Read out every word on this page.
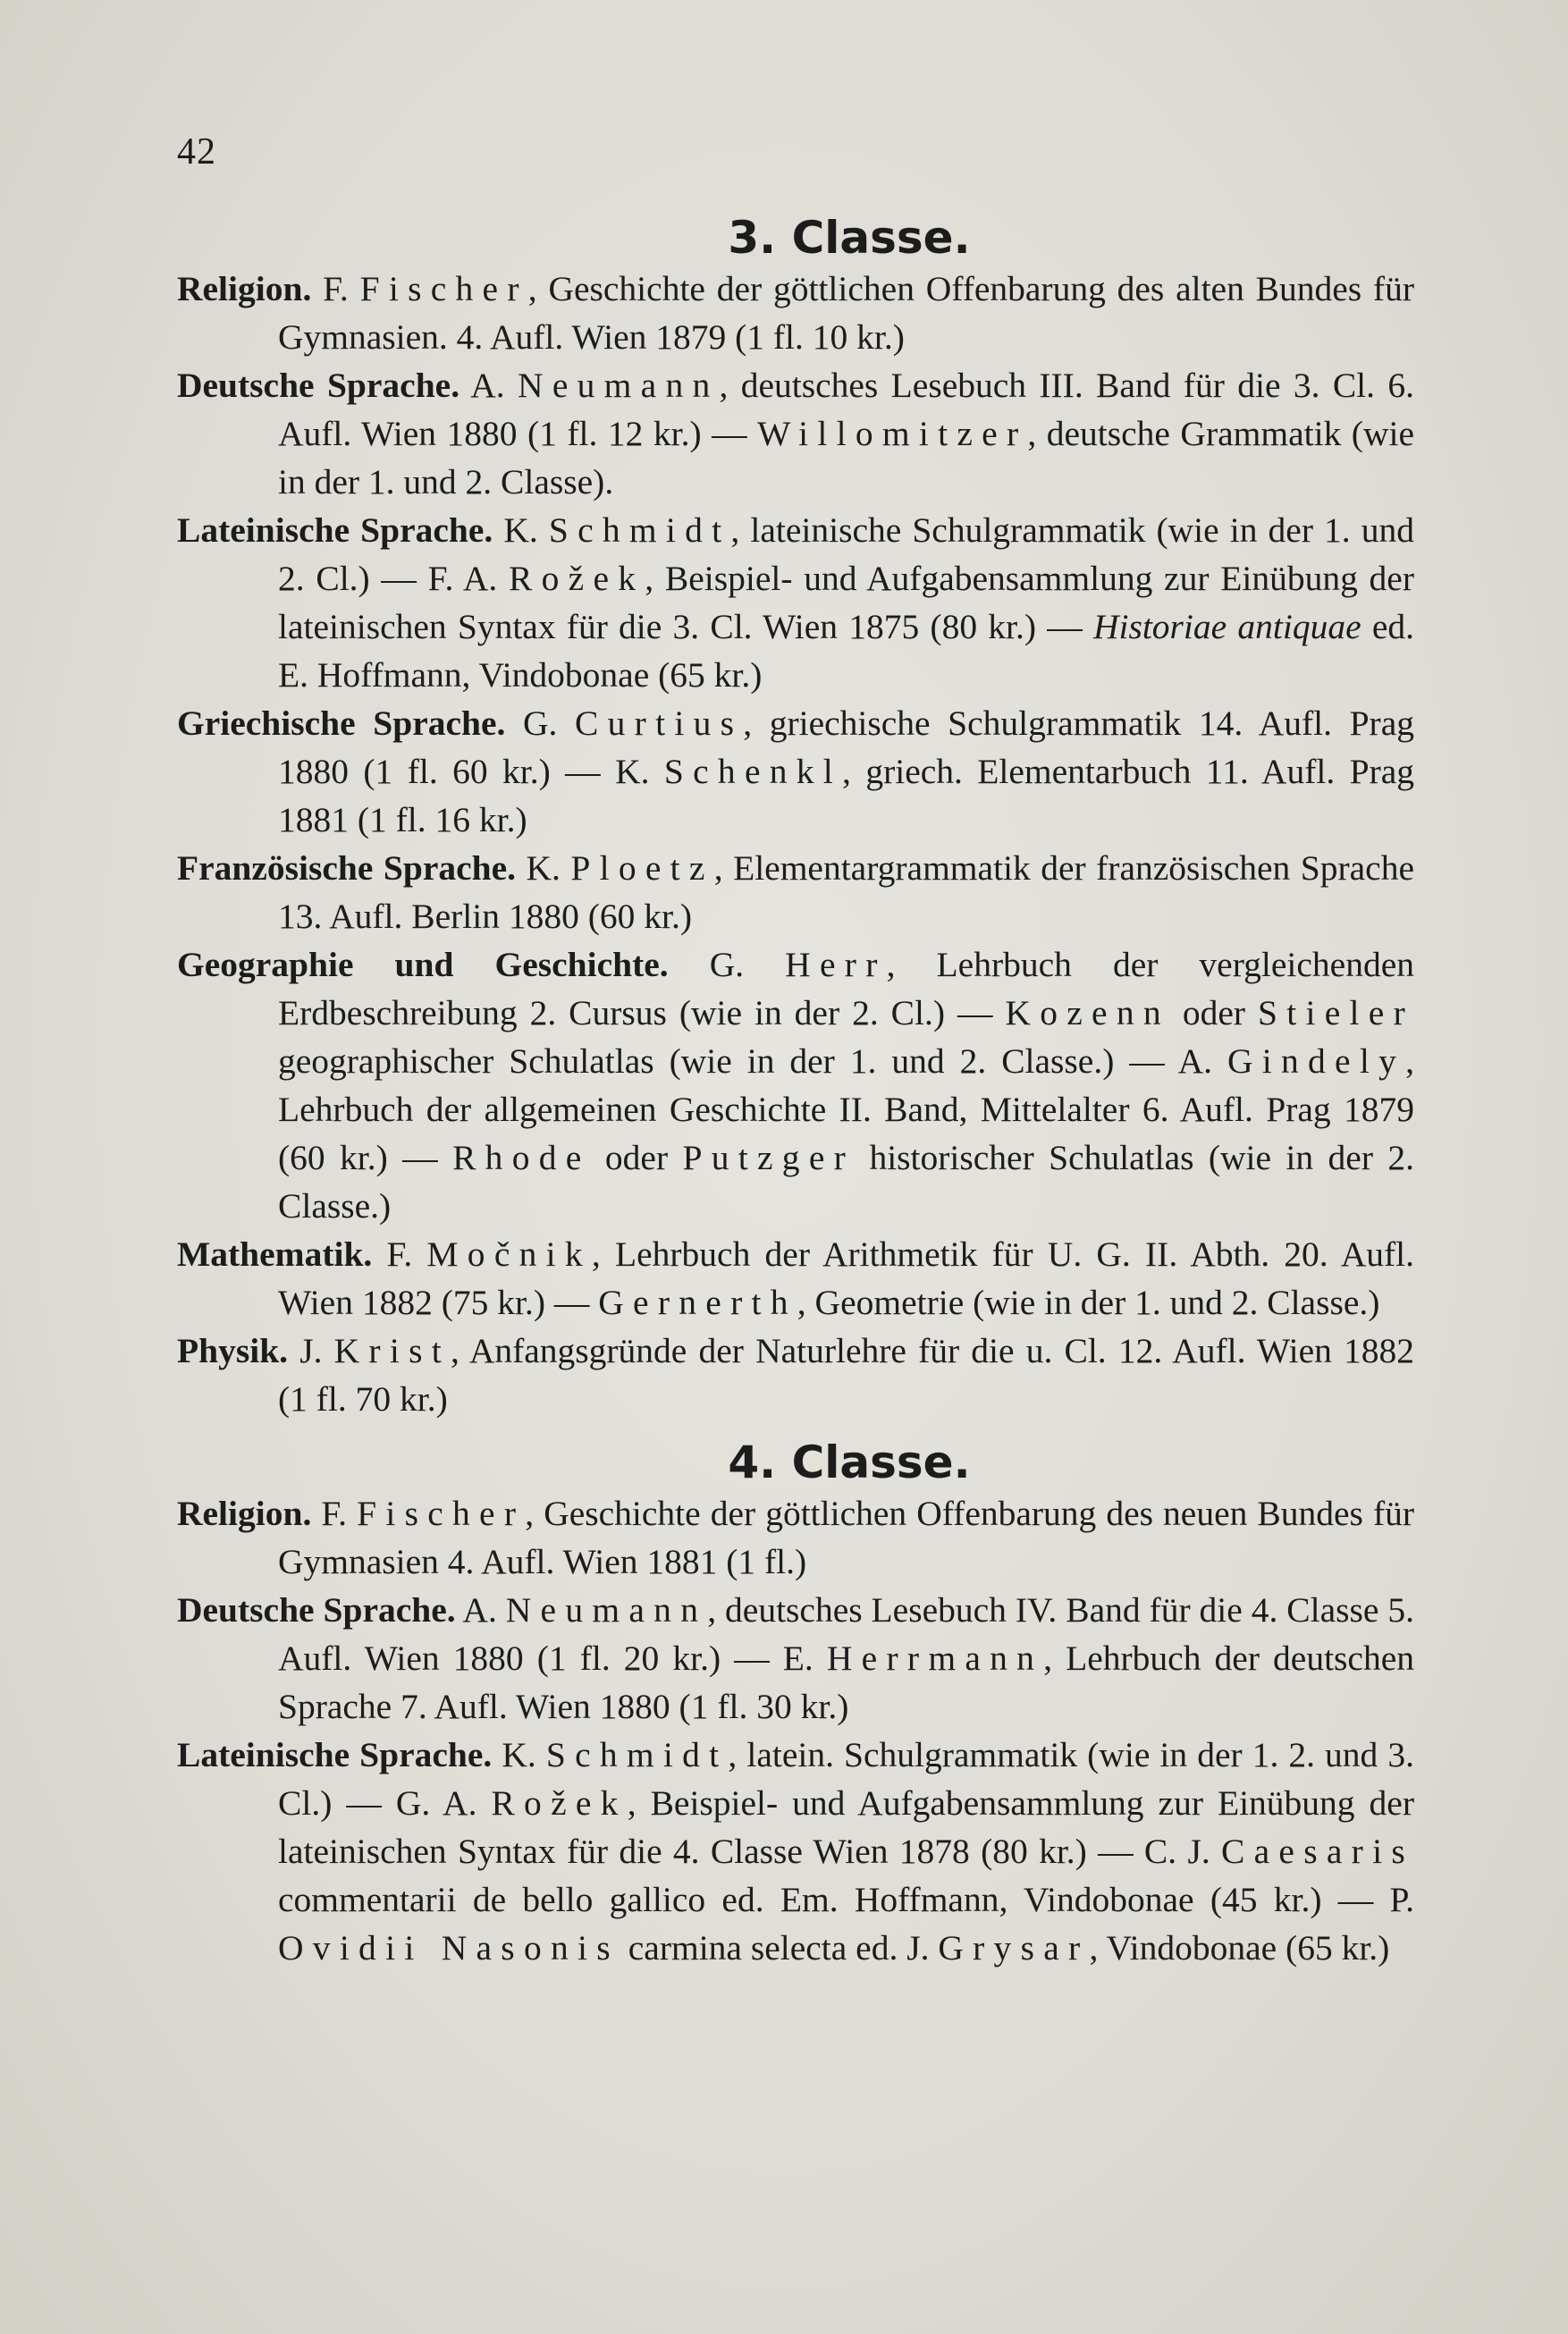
42
3. Classe.

Religion. F. Fischer, Geschichte der göttlichen Offenbarung des alten Bundes für Gymnasien. 4. Aufl. Wien 1879 (1 fl. 10 kr.)

Deutsche Sprache. A. Neumann, deutsches Lesebuch III. Band für die 3. Cl. 6. Aufl. Wien 1880 (1 fl. 12 kr.) — Willomitzer, deutsche Grammatik (wie in der 1. und 2. Classe).

Lateinische Sprache. K. Schmidt, lateinische Schulgrammatik (wie in der 1. und 2. Cl.) — F. A. Rožek, Beispiel- und Aufgabensammlung zur Einübung der lateinischen Syntax für die 3. Cl. Wien 1875 (80 kr.) — Historiae antiquae ed. E. Hoffmann, Vindobonae (65 kr.)

Griechische Sprache. G. Curtius, griechische Schulgrammatik 14. Aufl. Prag 1880 (1 fl. 60 kr.) — K. Schenkl, griech. Elementarbuch 11. Aufl. Prag 1881 (1 fl. 16 kr.)

Französische Sprache. K. Ploetz, Elementargrammatik der französischen Sprache 13. Aufl. Berlin 1880 (60 kr.)

Geographie und Geschichte. G. Herr, Lehrbuch der vergleichenden Erdbeschreibung 2. Cursus (wie in der 2. Cl.) — Kozenn oder Stieler geographischer Schulatlas (wie in der 1. und 2. Classe.) — A. Gindely, Lehrbuch der allgemeinen Geschichte II. Band, Mittelalter 6. Aufl. Prag 1879 (60 kr.) — Rhode oder Putzger historischer Schulatlas (wie in der 2. Classe.)

Mathematik. F. Močnik, Lehrbuch der Arithmetik für U. G. II. Abth. 20. Aufl. Wien 1882 (75 kr.) — Gernerth, Geometrie (wie in der 1. und 2. Classe.)

Physik. J. Krist, Anfangsgründe der Naturlehre für die u. Cl. 12. Aufl. Wien 1882 (1 fl. 70 kr.)

4. Classe.

Religion. F. Fischer, Geschichte der göttlichen Offenbarung des neuen Bundes für Gymnasien 4. Aufl. Wien 1881 (1 fl.)

Deutsche Sprache. A. Neumann, deutsches Lesebuch IV. Band für die 4. Classe 5. Aufl. Wien 1880 (1 fl. 20 kr.) — E. Herrmann, Lehrbuch der deutschen Sprache 7. Aufl. Wien 1880 (1 fl. 30 kr.)

Lateinische Sprache. K. Schmidt, latein. Schulgrammatik (wie in der 1. 2. und 3. Cl.) — G. A. Rožek, Beispiel- und Aufgabensammlung zur Einübung der lateinischen Syntax für die 4. Classe Wien 1878 (80 kr.) — C. J. Caesaris commentarii de bello gallico ed. Em. Hoffmann, Vindobonae (45 kr.) — P. Ovidii Nasonis carmina selecta ed. J. Grysar, Vindobonae (65 kr.)
